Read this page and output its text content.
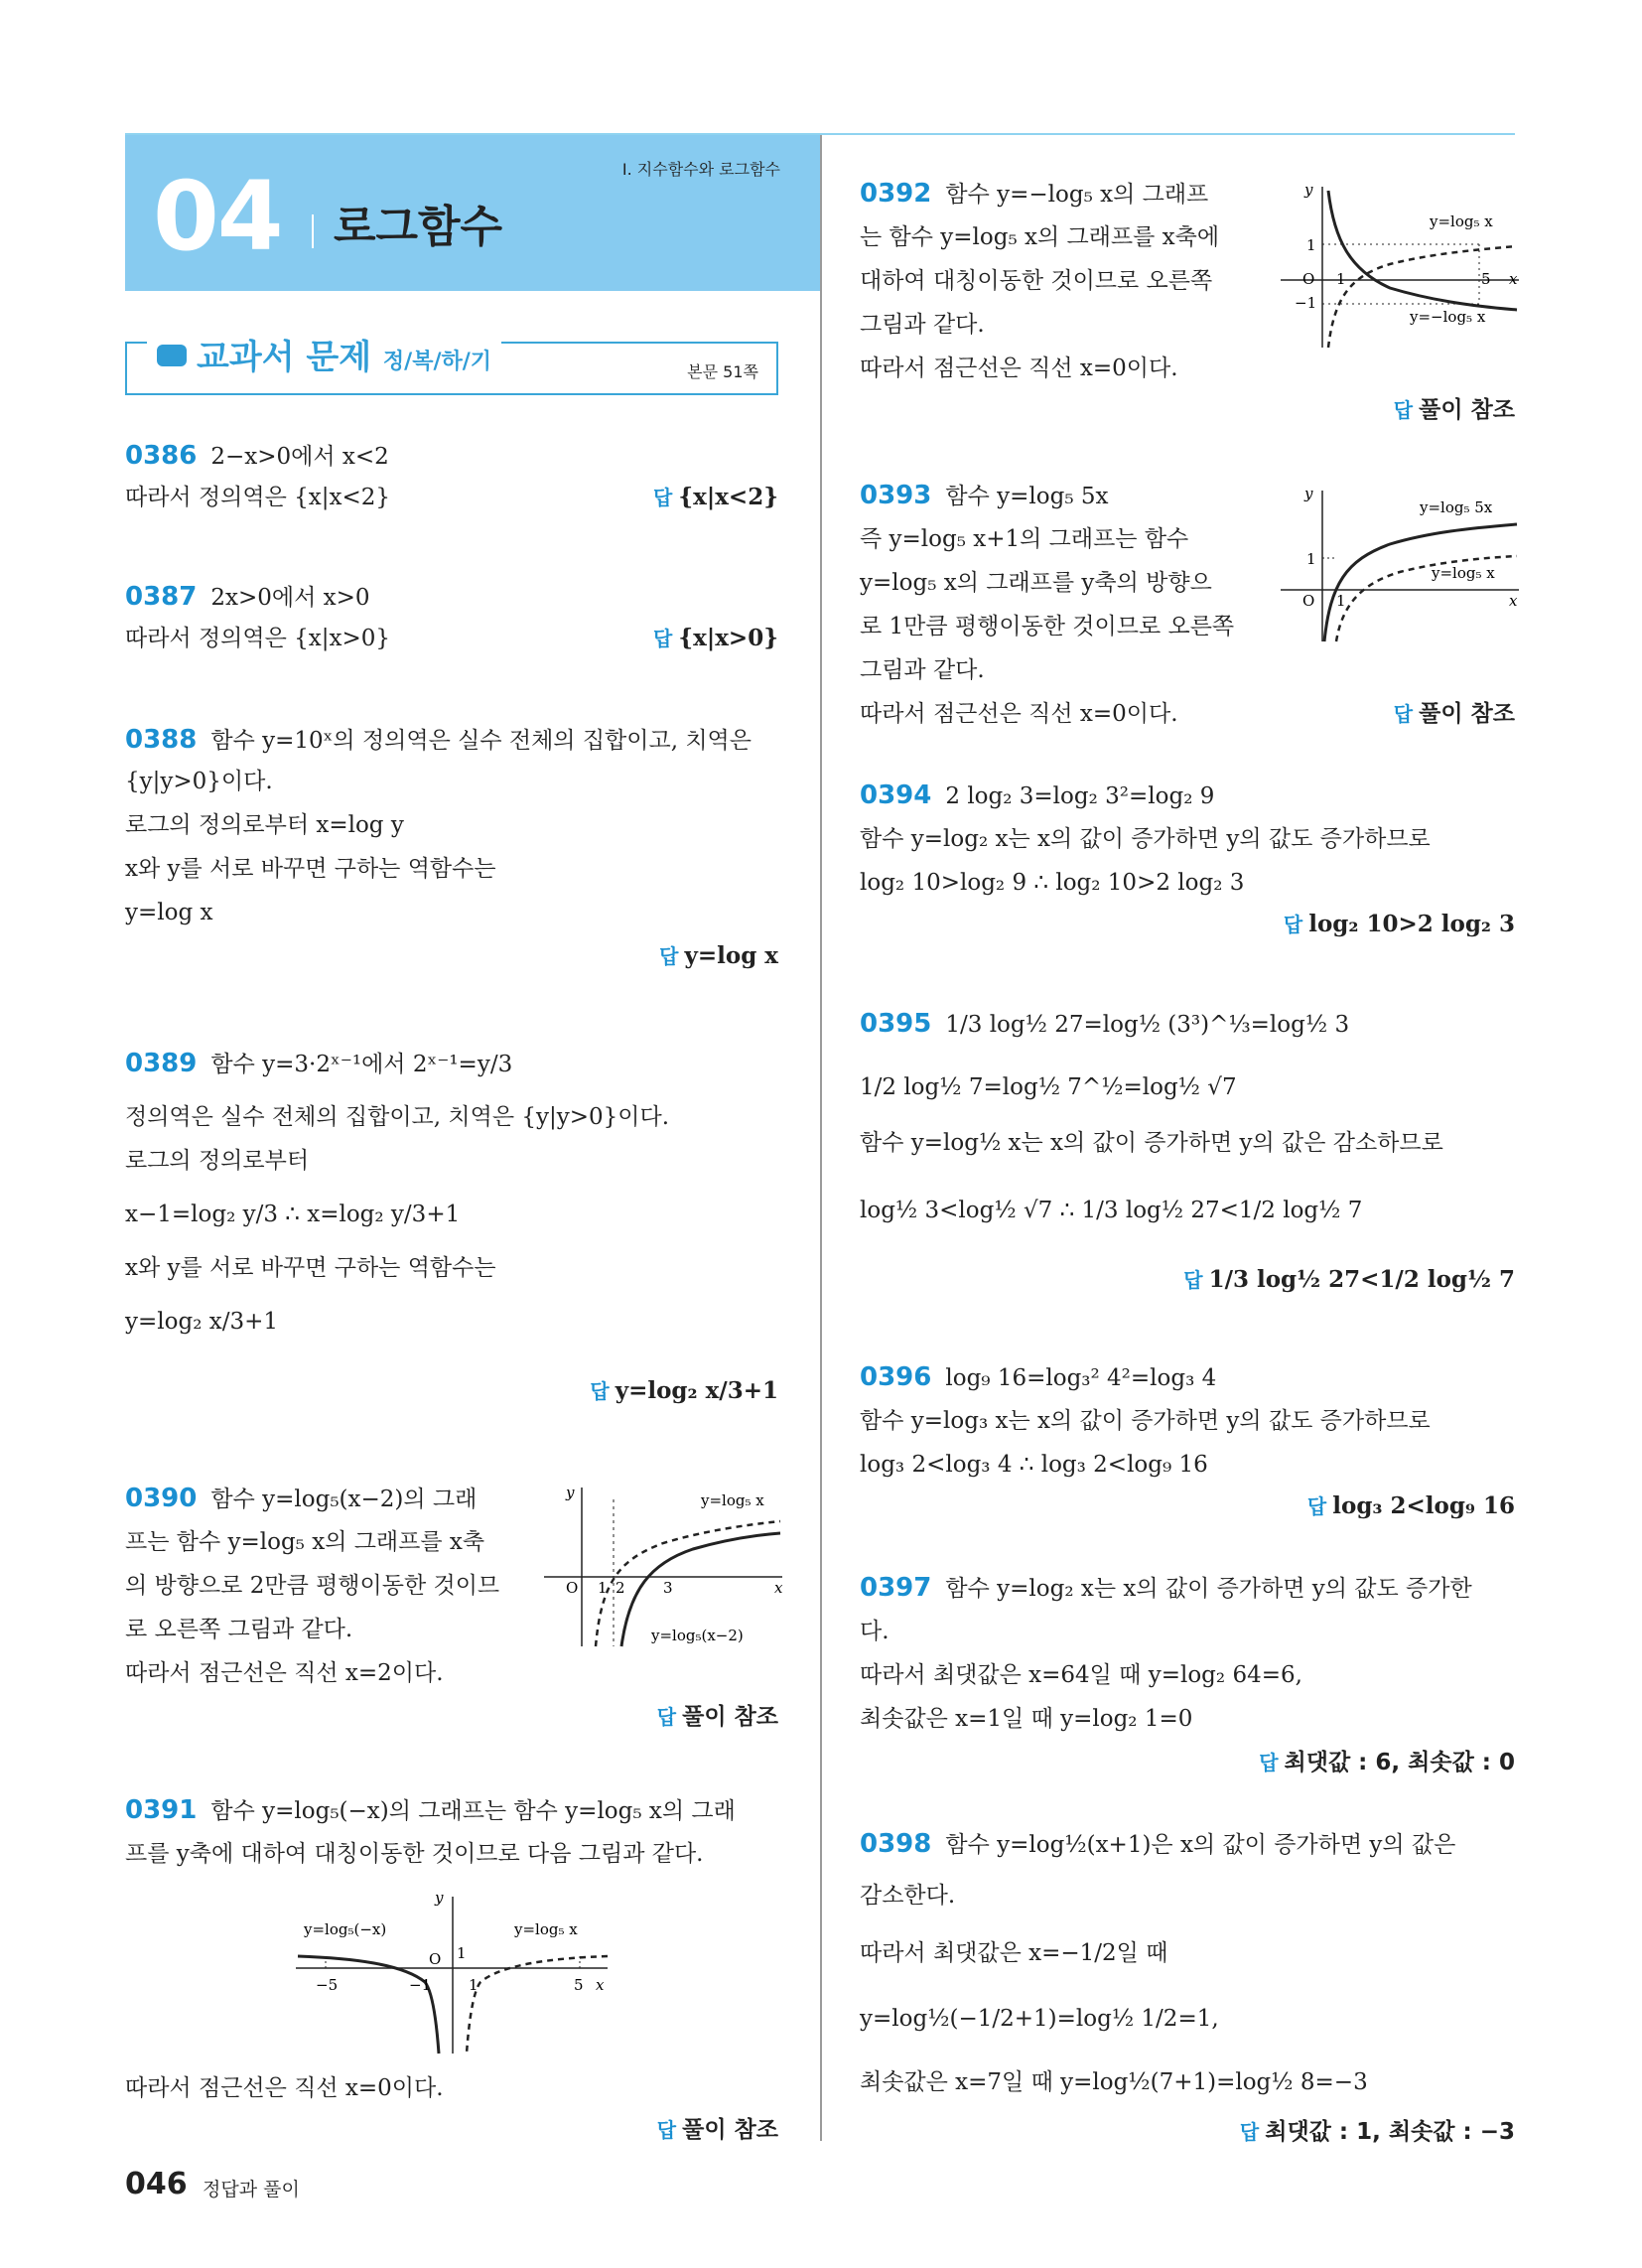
04 로그함수
Ⅰ. 지수함수와 로그함수
교과서 문제 정/복/하/기	본문 51쪽
0386 2−x>0에서 x<2
따라서 정의역은 {x|x<2}	답 {x|x<2}
0387 2x>0에서 x>0
따라서 정의역은 {x|x>0}	답 {x|x>0}
0388 함수 y=10ˣ의 정의역은 실수 전체의 집합이고, 치역은
{y|y>0}이다.
로그의 정의로부터 x=log y
x와 y를 서로 바꾸면 구하는 역함수는
y=log x
답 y=log x
0389 함수 y=3·2ˣ⁻¹에서 2ˣ⁻¹=y/3
정의역은 실수 전체의 집합이고, 치역은 {y|y>0}이다.
로그의 정의로부터
x−1=log₂ y/3 ∴ x=log₂ y/3+1
x와 y를 서로 바꾸면 구하는 역함수는
y=log₂ x/3+1
답 y=log₂ x/3+1
0390 함수 y=log₅(x−2)의 그래
프는 함수 y=log₅ x의 그래프를 x축
의 방향으로 2만큼 평행이동한 것이므
로 오른쪽 그림과 같다.
따라서 점근선은 직선 x=2이다.
답 풀이 참조
O 1 2	3	x
y	y=log₅ x
y=log₅(x−2)
0391 함수 y=log₅(−x)의 그래프는 함수 y=log₅ x의 그래
프를 y축에 대하여 대칭이동한 것이므로 다음 그림과 같다.
y=log₅(−x)	y=log₅ x
1
O
−5	−1	1	5 x
y
따라서 점근선은 직선 x=0이다.
답 풀이 참조
0392 함수 y=−log₅ x의 그래프
는 함수 y=log₅ x의 그래프를 x축에
대하여 대칭이동한 것이므로 오른쪽
그림과 같다.
따라서 점근선은 직선 x=0이다.
답 풀이 참조
y
y=log₅ x
1
O 1	5 x
−1
y=−log₅ x
0393 함수 y=log₅ 5x
즉 y=log₅ x+1의 그래프는 함수
y=log₅ x의 그래프를 y축의 방향으
로 1만큼 평행이동한 것이므로 오른쪽
그림과 같다.
따라서 점근선은 직선 x=0이다.	답 풀이 참조
y
y=log₅ 5x
1
y=log₅ x
O 1	x
0394 2 log₂ 3=log₂ 3²=log₂ 9
함수 y=log₂ x는 x의 값이 증가하면 y의 값도 증가하므로
log₂ 10>log₂ 9 ∴ log₂ 10>2 log₂ 3
답 log₂ 10>2 log₂ 3
0395 1/3 log½ 27=log½ (3³)^⅓=log½ 3
1/2 log½ 7=log½ 7^½=log½ √7
함수 y=log½ x는 x의 값이 증가하면 y의 값은 감소하므로
log½ 3<log½ √7 ∴ 1/3 log½ 27<1/2 log½ 7
답 1/3 log½ 27<1/2 log½ 7
0396 log₉ 16=log₃² 4²=log₃ 4
함수 y=log₃ x는 x의 값이 증가하면 y의 값도 증가하므로
log₃ 2<log₃ 4 ∴ log₃ 2<log₉ 16
답 log₃ 2<log₉ 16
0397 함수 y=log₂ x는 x의 값이 증가하면 y의 값도 증가한
다.
따라서 최댓값은 x=64일 때 y=log₂ 64=6,
최솟값은 x=1일 때 y=log₂ 1=0
답 최댓값 : 6, 최솟값 : 0
0398 함수 y=log½(x+1)은 x의 값이 증가하면 y의 값은
감소한다.
따라서 최댓값은 x=−1/2일 때
y=log½(−1/2+1)=log½ 1/2=1,
최솟값은 x=7일 때 y=log½(7+1)=log½ 8=−3
답 최댓값 : 1, 최솟값 : −3
046 정답과 풀이
